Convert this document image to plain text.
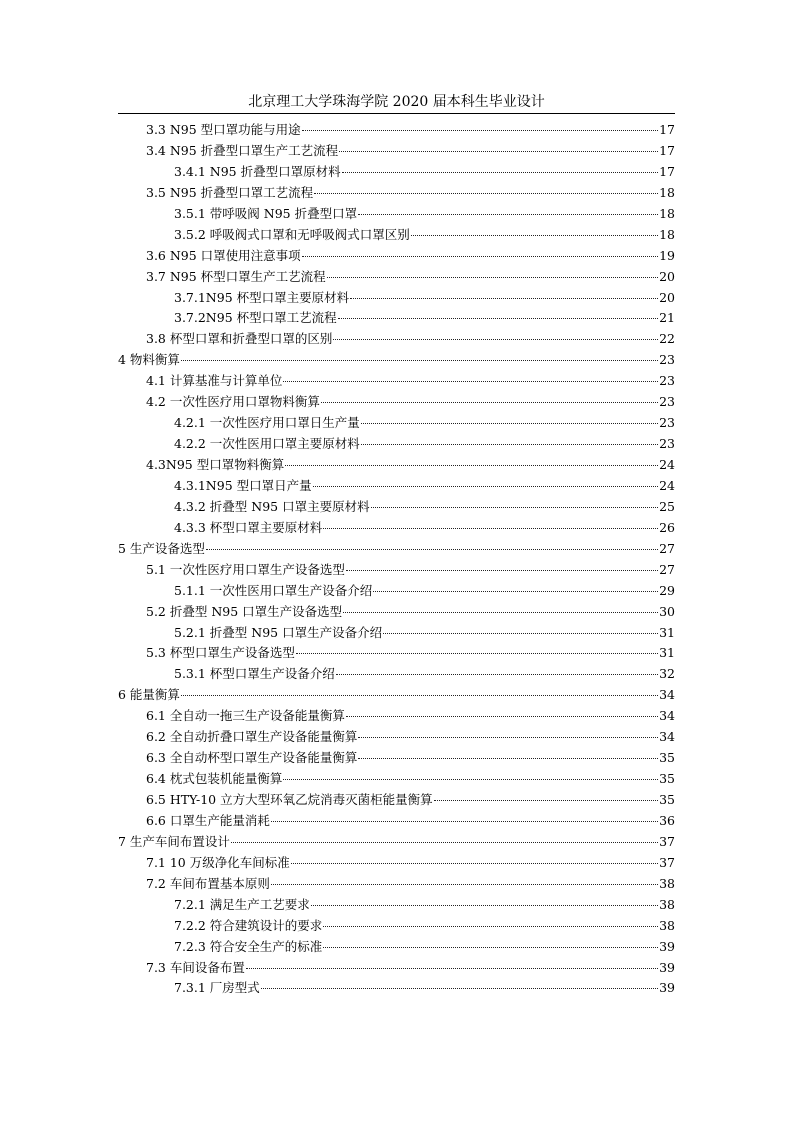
北京理工大学珠海学院 2020 届本科生毕业设计
3.3 N95 型口罩功能与用途	17
3.4 N95 折叠型口罩生产工艺流程	17
3.4.1 N95 折叠型口罩原材料	17
3.5 N95 折叠型口罩工艺流程	18
3.5.1 带呼吸阀 N95 折叠型口罩	18
3.5.2 呼吸阀式口罩和无呼吸阀式口罩区别	18
3.6 N95 口罩使用注意事项	19
3.7 N95 杯型口罩生产工艺流程	20
3.7.1N95 杯型口罩主要原材料	20
3.7.2N95 杯型口罩工艺流程	21
3.8 杯型口罩和折叠型口罩的区别	22
4 物料衡算	23
4.1 计算基准与计算单位	23
4.2 一次性医疗用口罩物料衡算	23
4.2.1 一次性医疗用口罩日生产量	23
4.2.2 一次性医用口罩主要原材料	23
4.3N95 型口罩物料衡算	24
4.3.1N95 型口罩日产量	24
4.3.2 折叠型 N95 口罩主要原材料	25
4.3.3 杯型口罩主要原材料	26
5 生产设备选型	27
5.1 一次性医疗用口罩生产设备选型	27
5.1.1 一次性医用口罩生产设备介绍	29
5.2 折叠型 N95 口罩生产设备选型	30
5.2.1 折叠型 N95 口罩生产设备介绍	31
5.3 杯型口罩生产设备选型	31
5.3.1 杯型口罩生产设备介绍	32
6 能量衡算	34
6.1 全自动一拖三生产设备能量衡算	34
6.2 全自动折叠口罩生产设备能量衡算	34
6.3 全自动杯型口罩生产设备能量衡算	35
6.4 枕式包装机能量衡算	35
6.5 HTY-10 立方大型环氧乙烷消毒灭菌柜能量衡算	35
6.6 口罩生产能量消耗	36
7 生产车间布置设计	37
7.1 10 万级净化车间标准	37
7.2 车间布置基本原则	38
7.2.1 满足生产工艺要求	38
7.2.2 符合建筑设计的要求	38
7.2.3 符合安全生产的标准	39
7.3 车间设备布置	39
7.3.1 厂房型式	39
